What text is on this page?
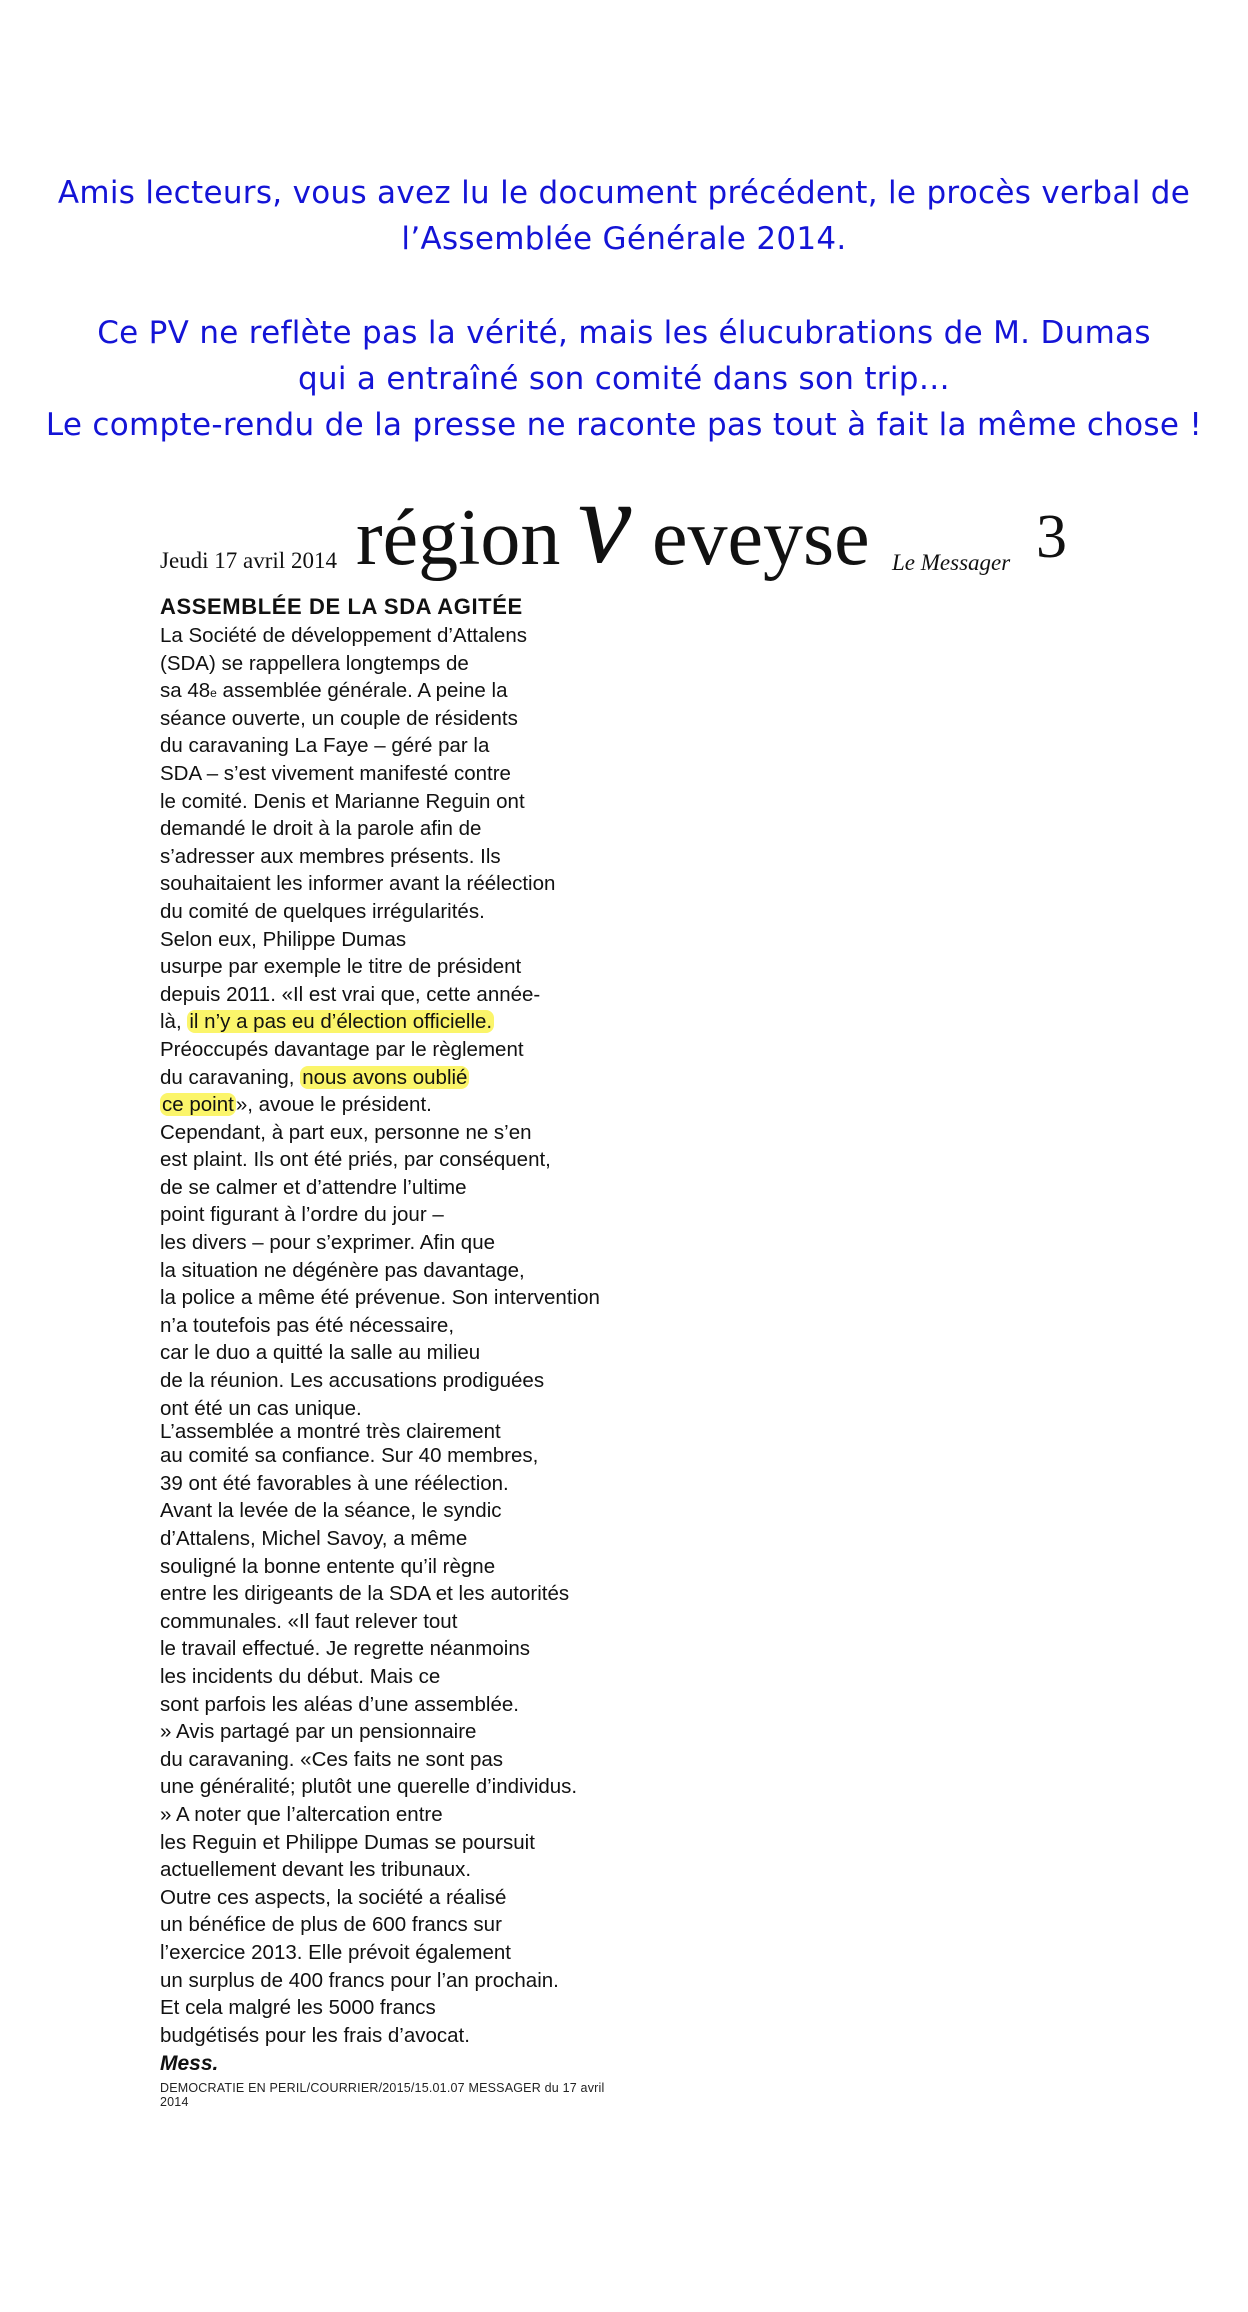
Amis lecteurs, vous avez lu le document précédent, le procès verbal de

l’Assemblée Générale 2014.

Ce PV ne reflète pas la vérité, mais les élucubrations de M. Dumas

qui a entraîné son comité dans son trip…

Le compte-rendu de la presse ne raconte pas tout à fait la même chose !

Jeudi 17 avril 2014 région v eveyse Le Messager 3
ASSEMBLÉE DE LA SDA AGITÉE
La Société de développement d’Attalens
(SDA) se rappellera longtemps de
sa 48e assemblée générale. A peine la
séance ouverte, un couple de résidents
du caravaning La Faye – géré par la
SDA – s’est vivement manifesté contre
le comité. Denis et Marianne Reguin ont
demandé le droit à la parole afin de
s’adresser aux membres présents. Ils
souhaitaient les informer avant la réélection
du comité de quelques irrégularités.
Selon eux, Philippe Dumas
usurpe par exemple le titre de président
depuis 2011. «Il est vrai que, cette année-
là, il n’y a pas eu d’élection officielle.
Préoccupés davantage par le règlement
du caravaning, nous avons oublié
ce point», avoue le président.
Cependant, à part eux, personne ne s’en
est plaint. Ils ont été priés, par conséquent,
de se calmer et d’attendre l’ultime
point figurant à l’ordre du jour –
les divers – pour s’exprimer. Afin que
la situation ne dégénère pas davantage,
la police a même été prévenue. Son intervention
n’a toutefois pas été nécessaire,
car le duo a quitté la salle au milieu
de la réunion. Les accusations prodiguées
ont été un cas unique.
L’assemblée a montré très clairement
au comité sa confiance. Sur 40 membres,
39 ont été favorables à une réélection.
Avant la levée de la séance, le syndic
d’Attalens, Michel Savoy, a même
souligné la bonne entente qu’il règne
entre les dirigeants de la SDA et les autorités
communales. «Il faut relever tout
le travail effectué. Je regrette néanmoins
les incidents du début. Mais ce
sont parfois les aléas d’une assemblée.
» Avis partagé par un pensionnaire
du caravaning. «Ces faits ne sont pas
une généralité; plutôt une querelle d’individus.
» A noter que l’altercation entre
les Reguin et Philippe Dumas se poursuit
actuellement devant les tribunaux.
Outre ces aspects, la société a réalisé
un bénéfice de plus de 600 francs sur
l’exercice 2013. Elle prévoit également
un surplus de 400 francs pour l’an prochain.
Et cela malgré les 5000 francs
budgétisés pour les frais d’avocat.
Mess.
DEMOCRATIE EN PERIL/COURRIER/2015/15.01.07 MESSAGER du 17 avril 2014
